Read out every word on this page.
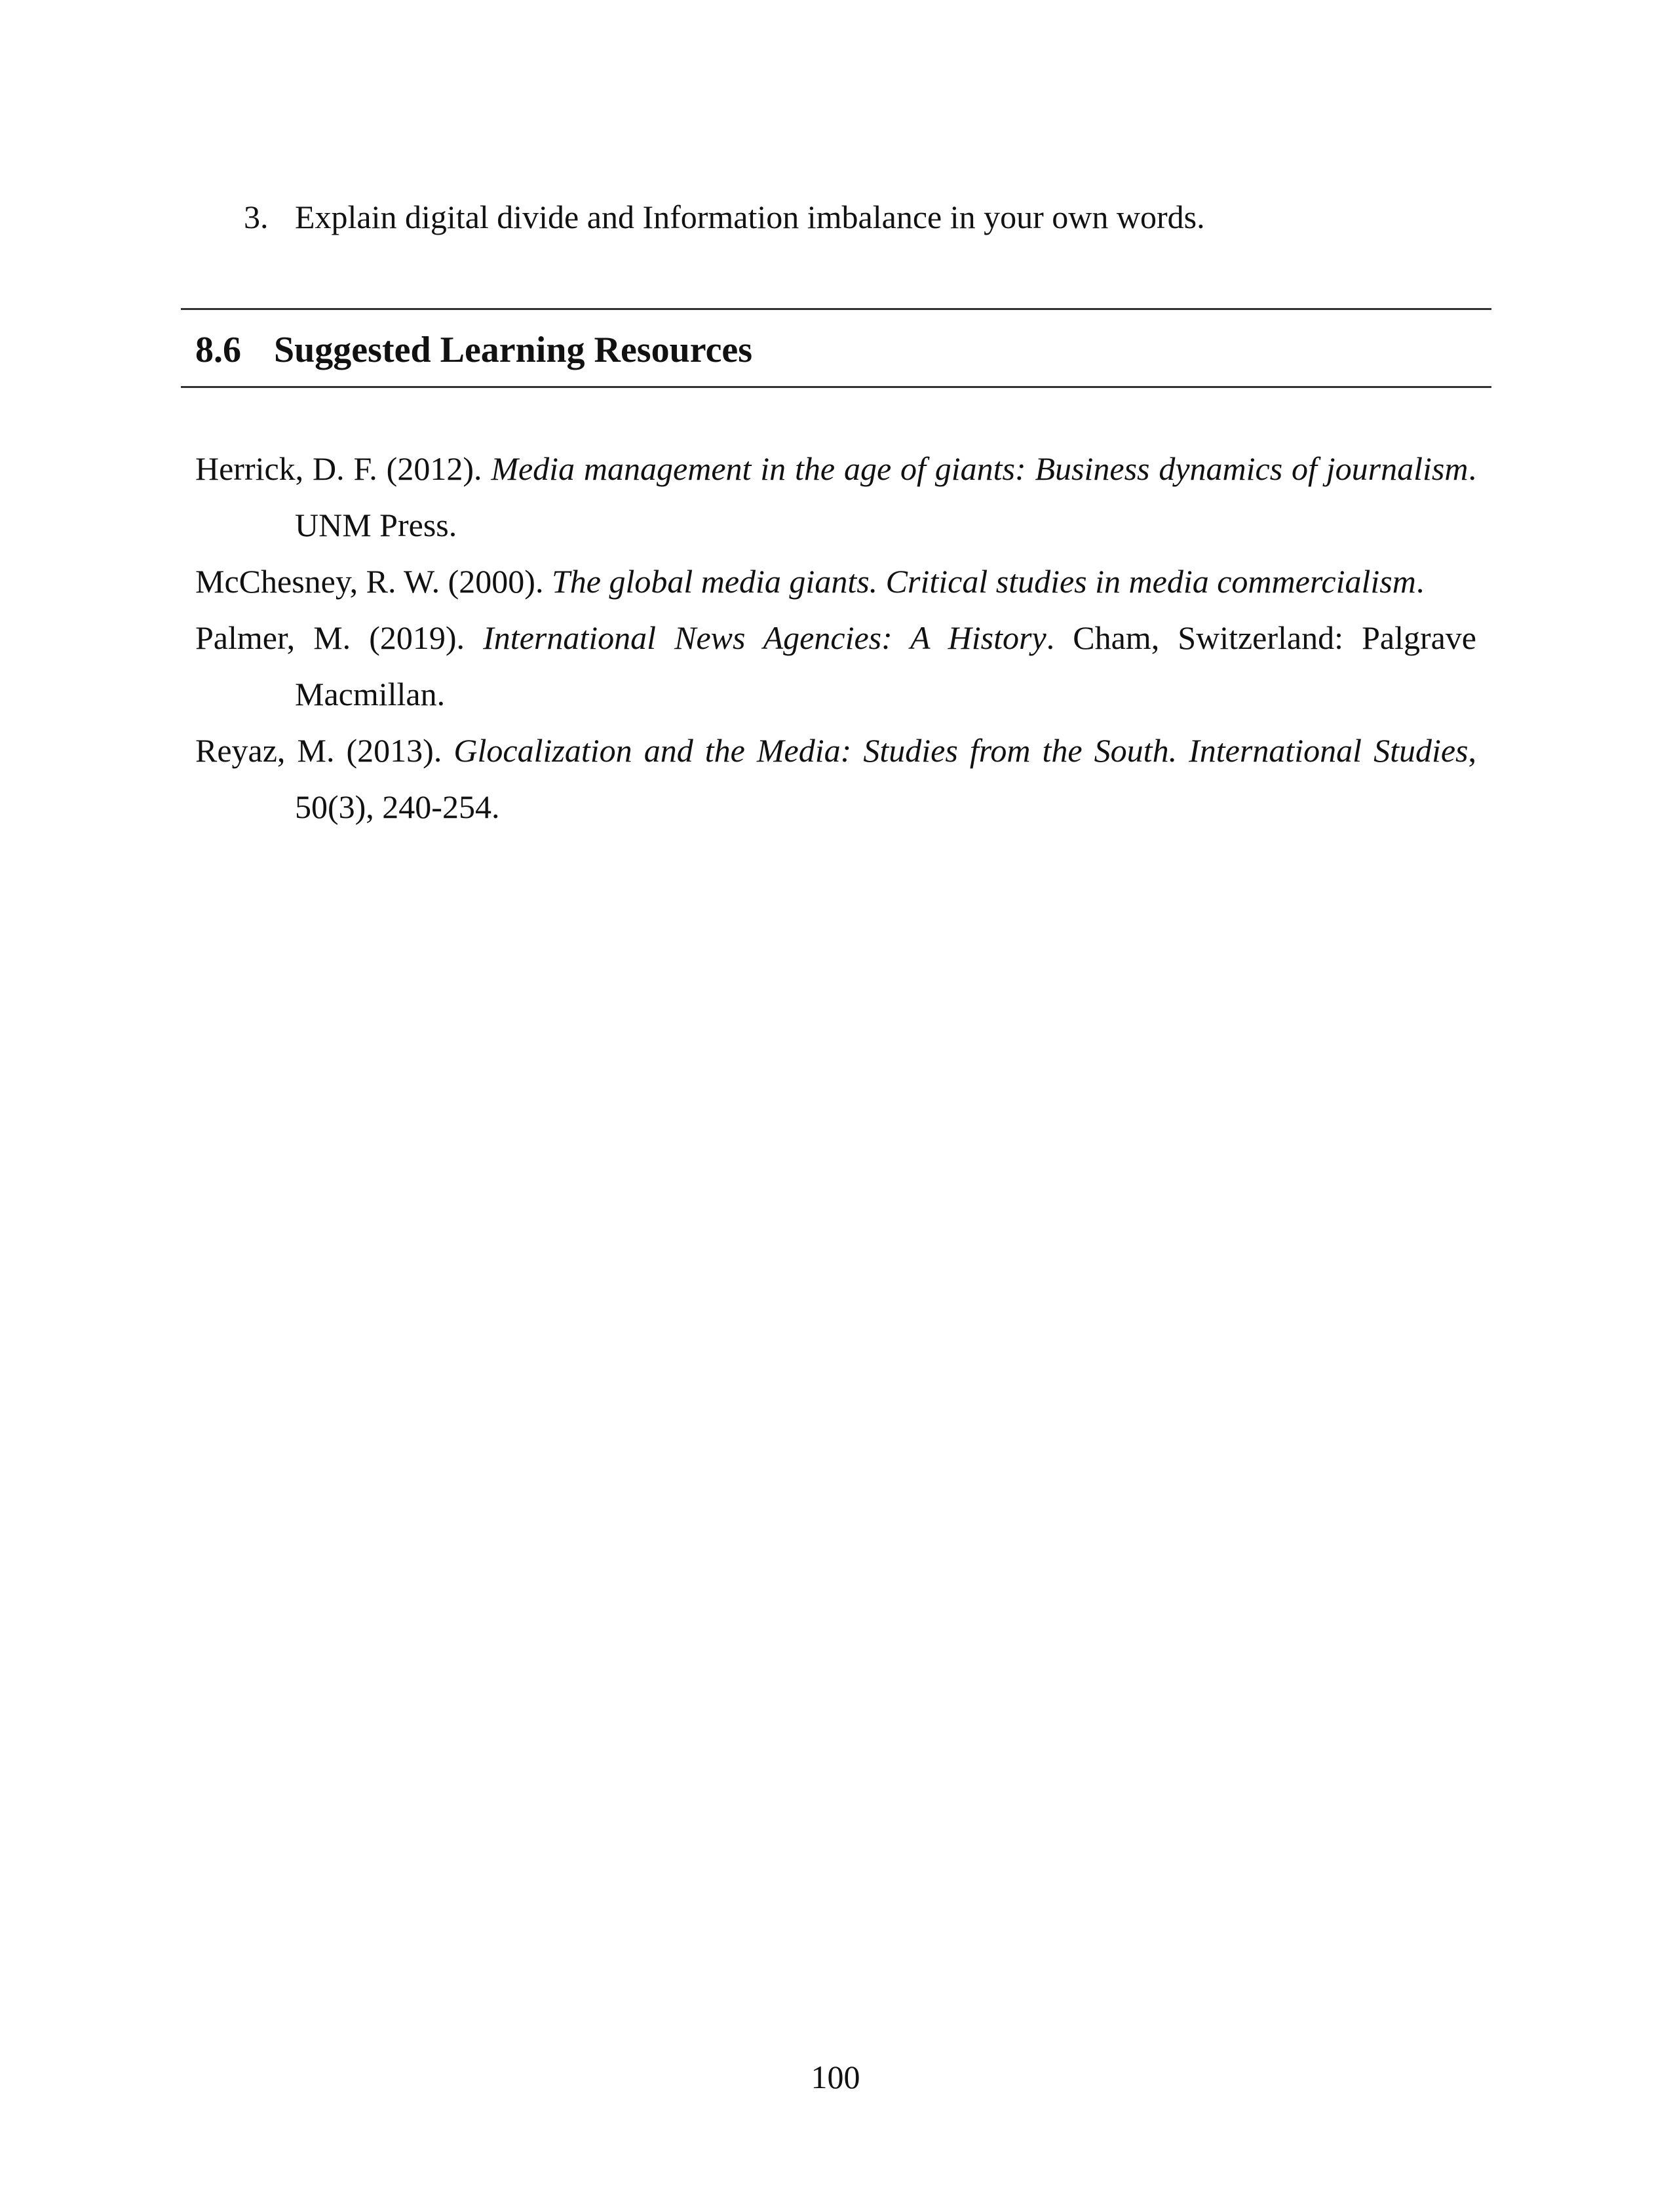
3. Explain digital divide and Information imbalance in your own words.
8.6 Suggested Learning Resources

Herrick, D. F. (2012). Media management in the age of giants: Business dynamics of journalism. UNM Press.

McChesney, R. W. (2000). The global media giants. Critical studies in media commercialism.

Palmer, M. (2019). International News Agencies: A History. Cham, Switzerland: Palgrave Macmillan.

Reyaz, M. (2013). Glocalization and the Media: Studies from the South. International Studies, 50(3), 240-254.

100
